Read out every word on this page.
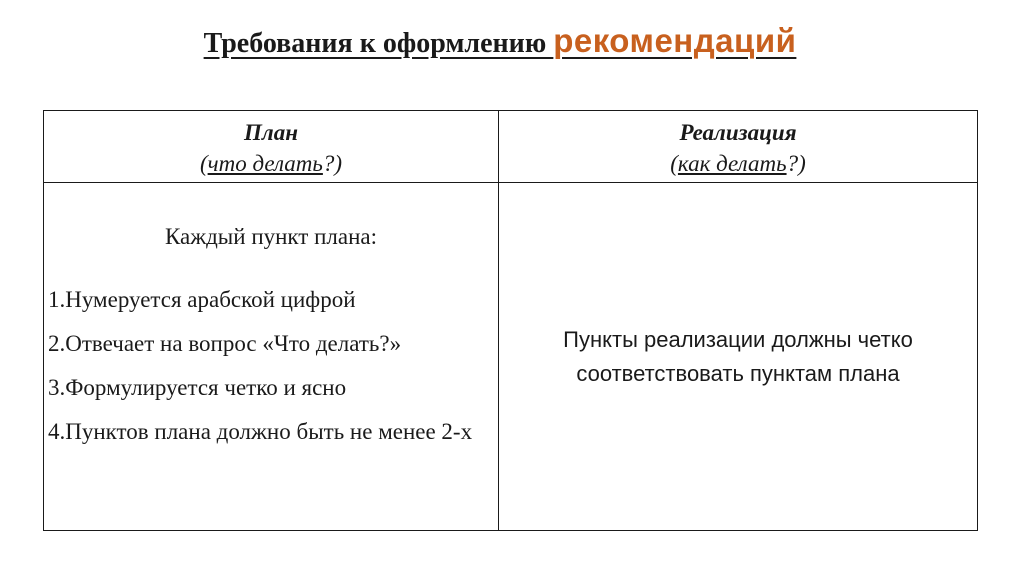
Требования к оформлению рекомендаций
План
(что делать?)
Реализация
(как делать?)
Каждый пункт плана:
1.Нумеруется арабской цифрой
2.Отвечает на вопрос «Что делать?»
3.Формулируется четко и ясно
4.Пунктов плана должно быть не менее 2-х
Пункты реализации должны четко соответствовать пунктам плана
